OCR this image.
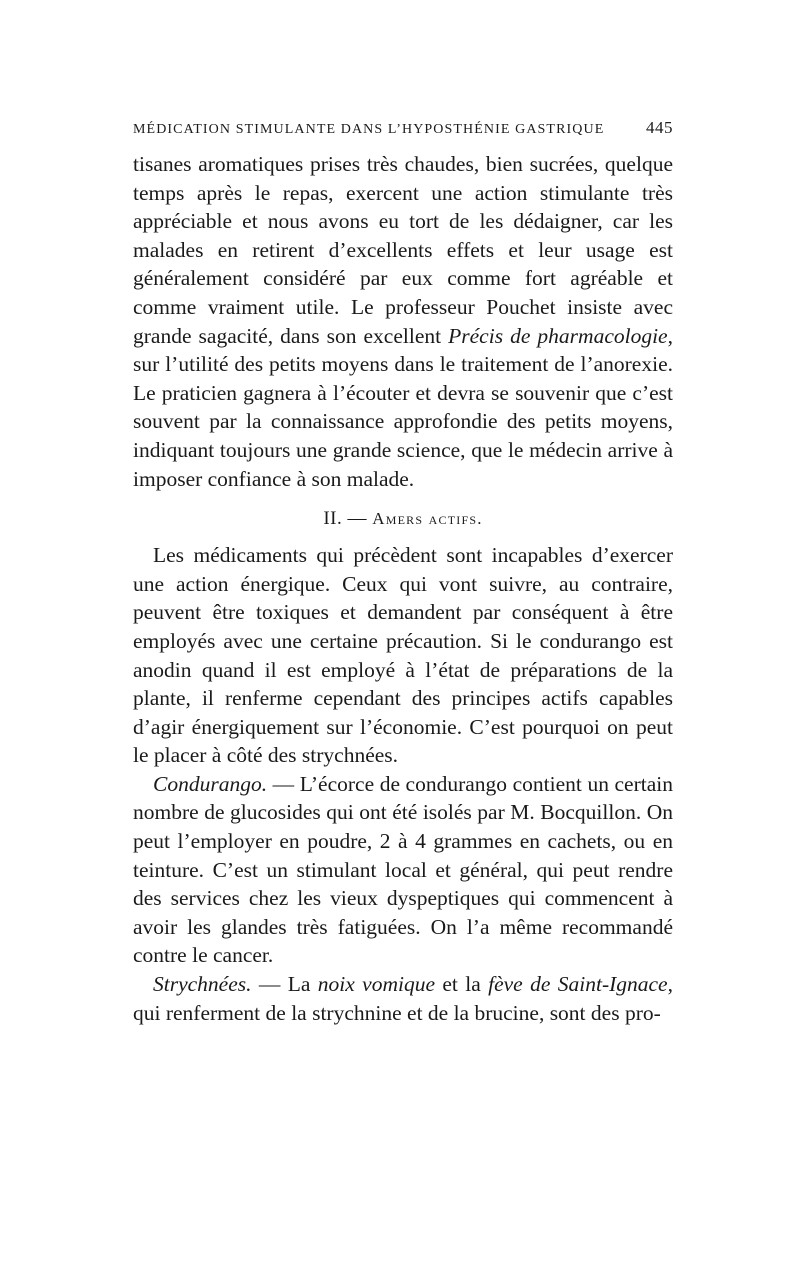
MÉDICATION STIMULANTE DANS L’HYPOSTHÉNIE GASTRIQUE 445

tisanes aromatiques prises très chaudes, bien sucrées, quelque temps après le repas, exercent une action stimulante très appréciable et nous avons eu tort de les dédaigner, car les malades en retirent d’excellents effets et leur usage est généralement considéré par eux comme fort agréable et comme vraiment utile. Le professeur Pouchet insiste avec grande sagacité, dans son excellent Précis de pharmacologie, sur l’utilité des petits moyens dans le traitement de l’anorexie. Le praticien gagnera à l’écouter et devra se souvenir que c’est souvent par la connaissance approfondie des petits moyens, indiquant toujours une grande science, que le médecin arrive à imposer confiance à son malade.

II. — Amers actifs.

Les médicaments qui précèdent sont incapables d’exercer une action énergique. Ceux qui vont suivre, au contraire, peuvent être toxiques et demandent par conséquent à être employés avec une certaine précaution. Si le condurango est anodin quand il est employé à l’état de préparations de la plante, il renferme cependant des principes actifs capables d’agir énergiquement sur l’économie. C’est pourquoi on peut le placer à côté des strychnées.

Condurango. — L’écorce de condurango contient un certain nombre de glucosides qui ont été isolés par M. Bocquillon. On peut l’employer en poudre, 2 à 4 grammes en cachets, ou en teinture. C’est un stimulant local et général, qui peut rendre des services chez les vieux dyspeptiques qui commencent à avoir les glandes très fatiguées. On l’a même recommandé contre le cancer.

Strychnées. — La noix vomique et la fève de Saint-Ignace, qui renferment de la strychnine et de la brucine, sont des pro-
